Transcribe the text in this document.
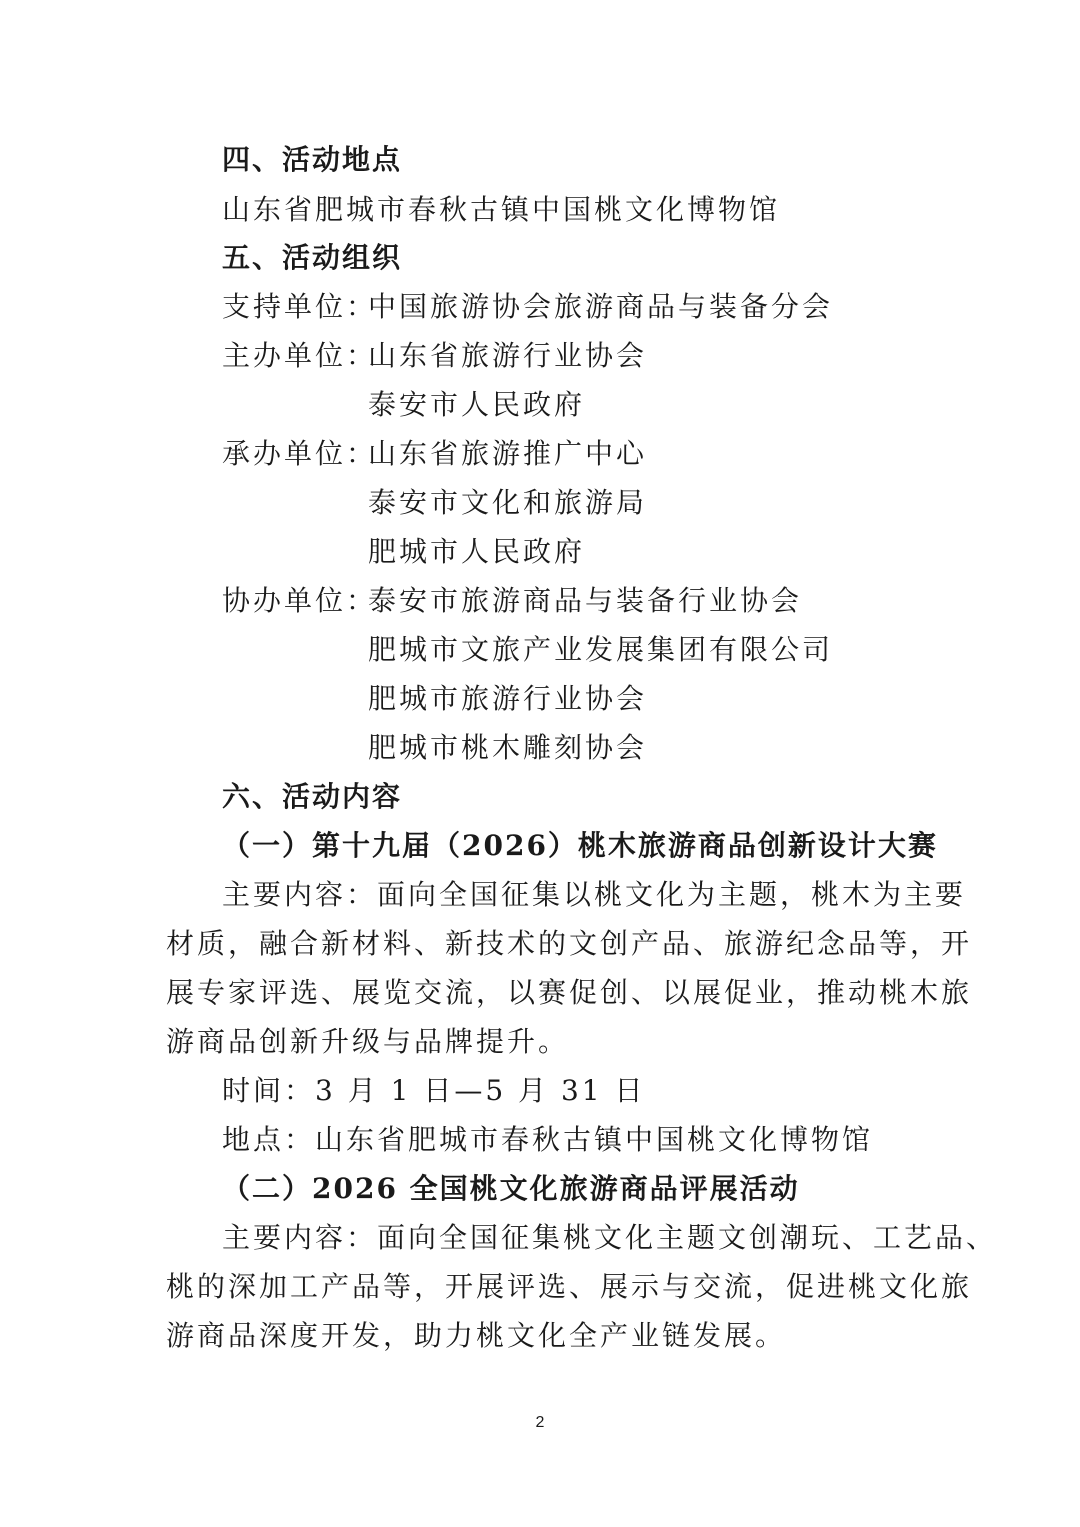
四、活动地点
山东省肥城市春秋古镇中国桃文化博物馆
五、活动组织
支持单位：
中国旅游协会旅游商品与装备分会
主办单位：
山东省旅游行业协会
泰安市人民政府
承办单位：
山东省旅游推广中心
泰安市文化和旅游局
肥城市人民政府
协办单位：
泰安市旅游商品与装备行业协会
肥城市文旅产业发展集团有限公司
肥城市旅游行业协会
肥城市桃木雕刻协会
六、活动内容
（一）第十九届（2026）桃木旅游商品创新设计大赛
主要内容：面向全国征集以桃文化为主题，桃木为主要
材质，融合新材料、新技术的文创产品、旅游纪念品等，开
展专家评选、展览交流，以赛促创、以展促业，推动桃木旅
游商品创新升级与品牌提升。
时间：3 月 1 日—5 月 31 日
地点：山东省肥城市春秋古镇中国桃文化博物馆
（二）2026 全国桃文化旅游商品评展活动
主要内容：面向全国征集桃文化主题文创潮玩、工艺品、
桃的深加工产品等，开展评选、展示与交流，促进桃文化旅
游商品深度开发，助力桃文化全产业链发展。
2
